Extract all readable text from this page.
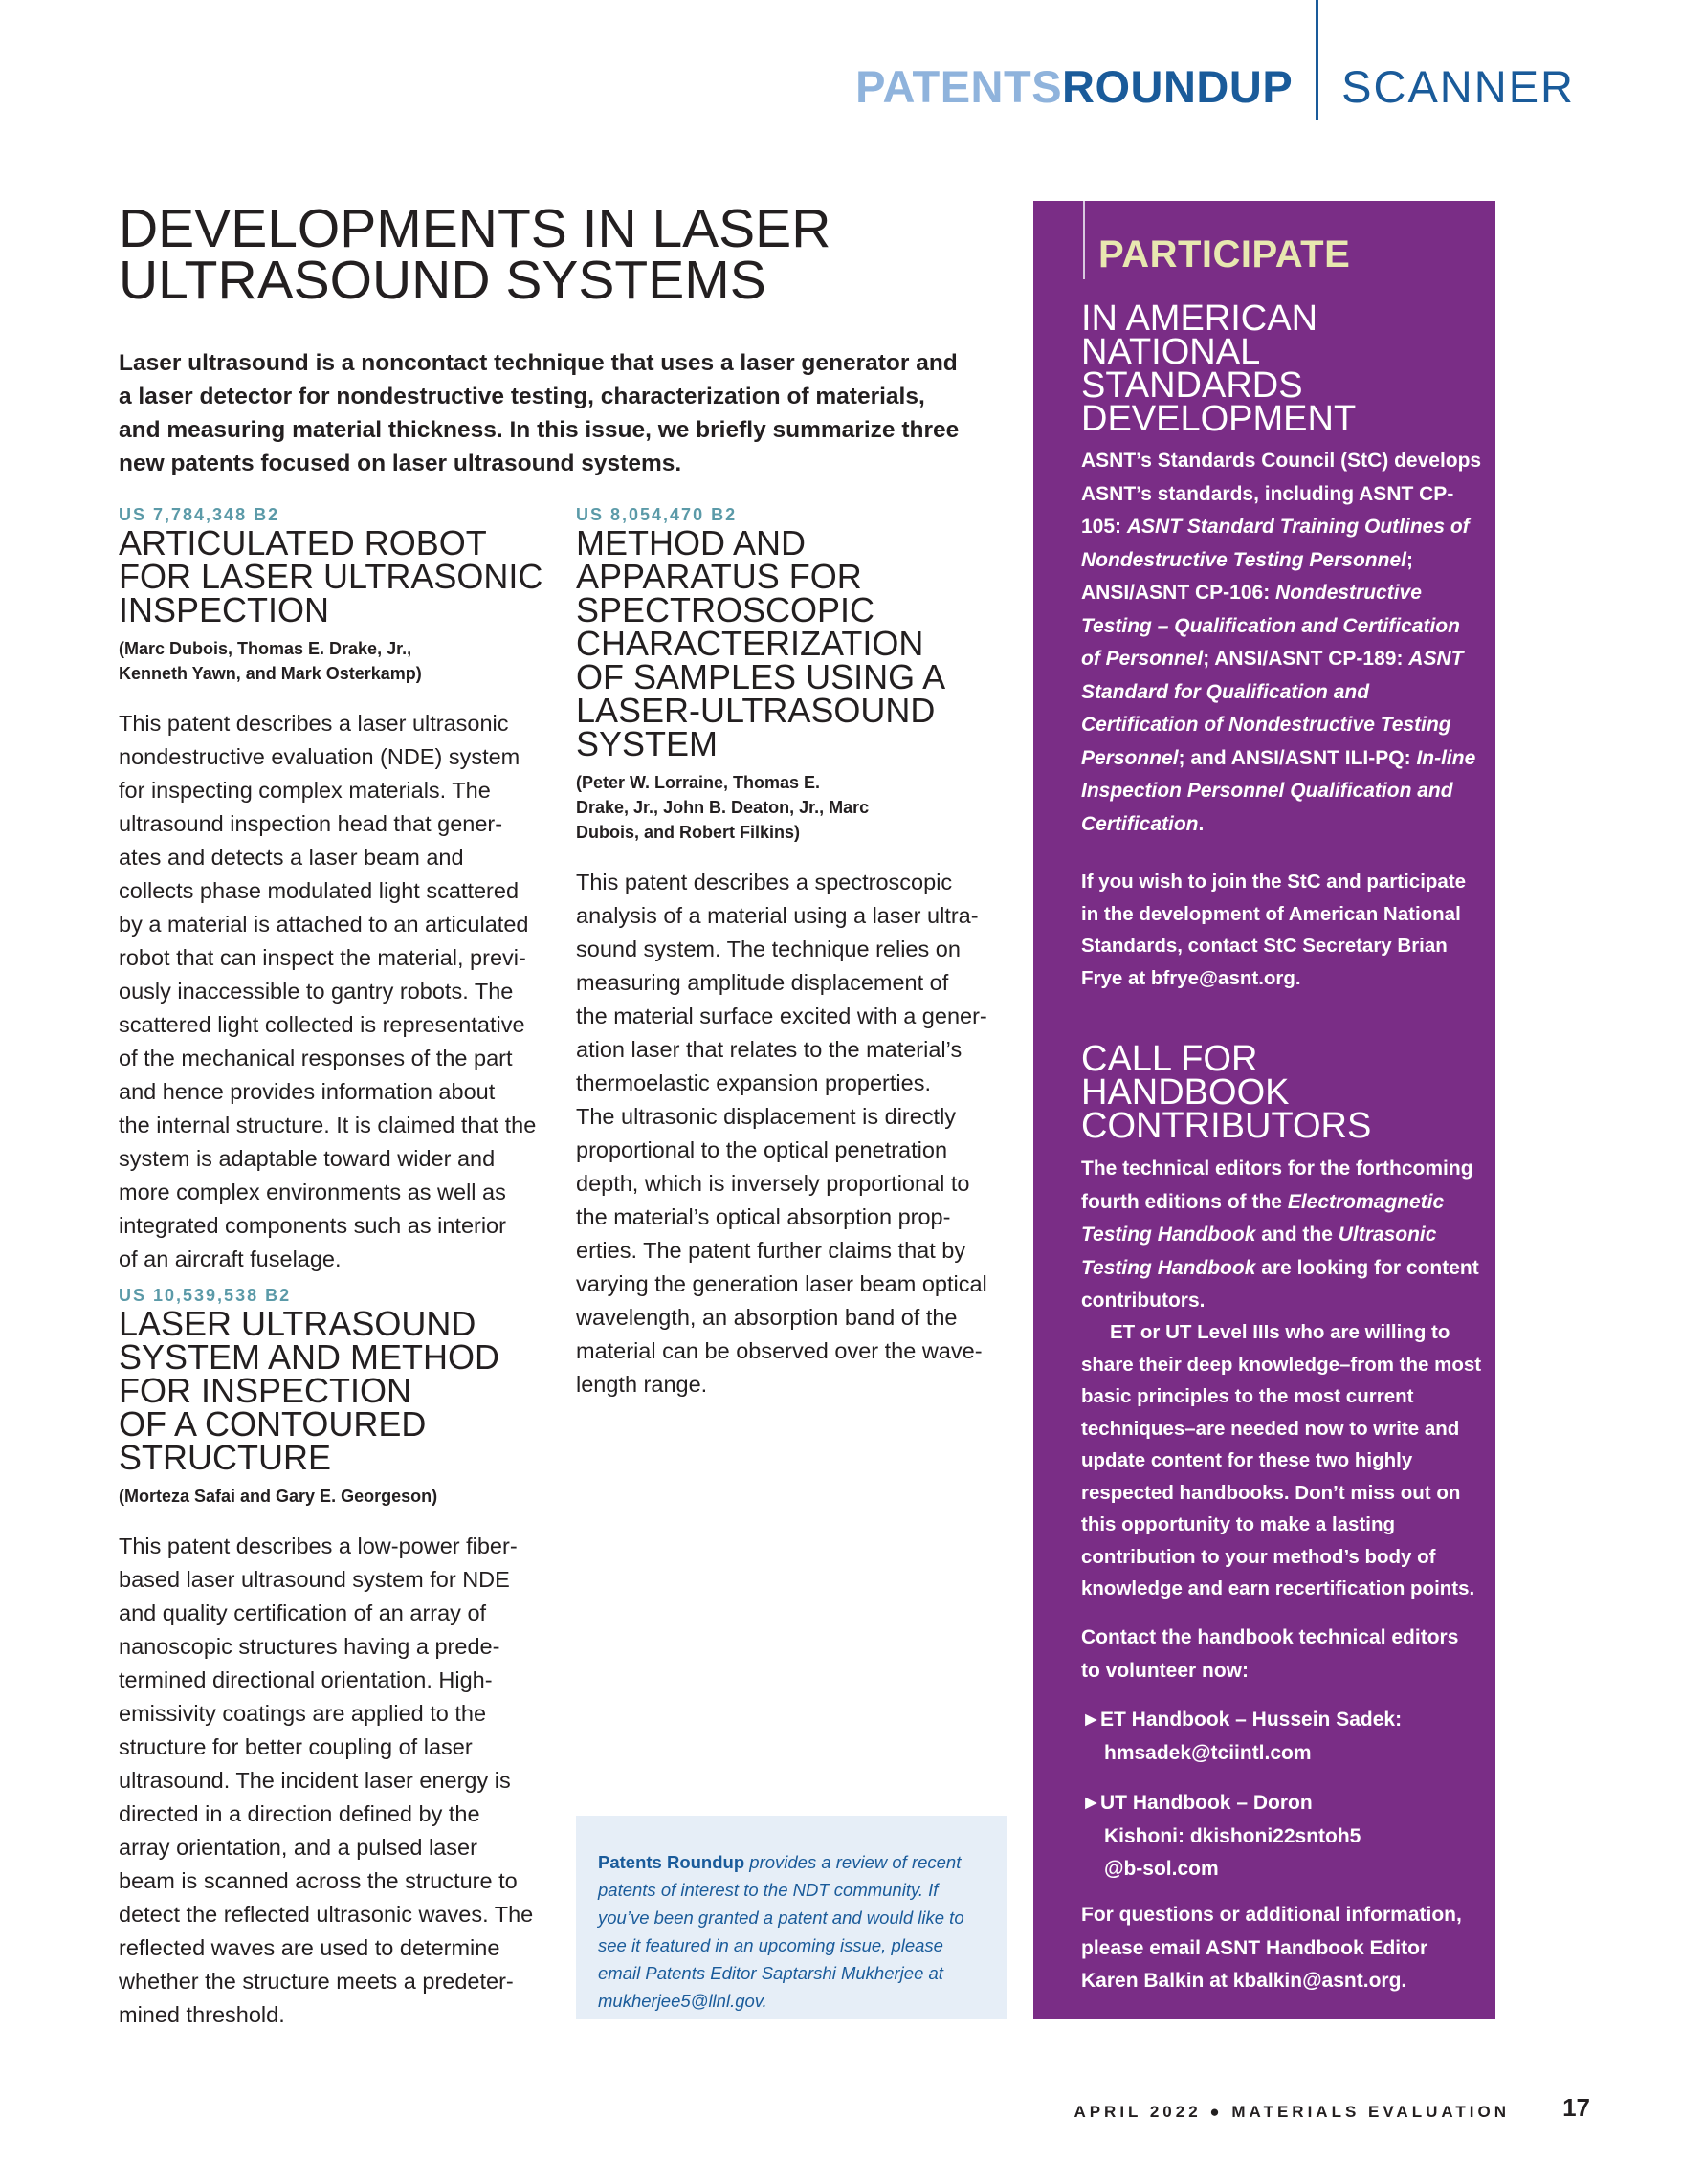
PATENTS ROUNDUP SCANNER
DEVELOPMENTS IN LASER
ULTRASOUND SYSTEMS

Laser ultrasound is a noncontact technique that uses a laser generator and a laser detector for nondestructive testing, characterization of materials, and measuring material thickness. In this issue, we briefly summarize three new patents focused on laser ultrasound systems.

US 7,784,348 B2
ARTICULATED ROBOT
FOR LASER ULTRASONIC
INSPECTION
(Marc Dubois, Thomas E. Drake, Jr.,
Kenneth Yawn, and Mark Osterkamp)
This patent describes a laser ultrasonic
nondestructive evaluation (NDE) system
for inspecting complex materials. The
ultrasound inspection head that gener-
ates and detects a laser beam and
collects phase modulated light scattered
by a material is attached to an articulated
robot that can inspect the material, previ-
ously inaccessible to gantry robots. The
scattered light collected is representative
of the mechanical responses of the part
and hence provides information about
the internal structure. It is claimed that the
system is adaptable toward wider and
more complex environments as well as
integrated components such as interior
of an aircraft fuselage.
US 10,539,538 B2
LASER ULTRASOUND
SYSTEM AND METHOD
FOR INSPECTION
OF A CONTOURED
STRUCTURE
(Morteza Safai and Gary E. Georgeson)
This patent describes a low-power fiber-
based laser ultrasound system for NDE
and quality certification of an array of
nanoscopic structures having a prede-
termined directional orientation. High-
emissivity coatings are applied to the
structure for better coupling of laser
ultrasound. The incident laser energy is
directed in a direction defined by the
array orientation, and a pulsed laser
beam is scanned across the structure to
detect the reflected ultrasonic waves. The
reflected waves are used to determine
whether the structure meets a predeter-
mined threshold.
US 8,054,470 B2
METHOD AND
APPARATUS FOR
SPECTROSCOPIC
CHARACTERIZATION
OF SAMPLES USING A
LASER-ULTRASOUND
SYSTEM
(Peter W. Lorraine, Thomas E.
Drake, Jr., John B. Deaton, Jr., Marc
Dubois, and Robert Filkins)
This patent describes a spectroscopic
analysis of a material using a laser ultra-
sound system. The technique relies on
measuring amplitude displacement of
the material surface excited with a gener-
ation laser that relates to the material’s
thermoelastic expansion properties.
The ultrasonic displacement is directly
proportional to the optical penetration
depth, which is inversely proportional to
the material’s optical absorption prop-
erties. The patent further claims that by
varying the generation laser beam optical
wavelength, an absorption band of the
material can be observed over the wave-
length range.
Patents Roundup provides a review of recent patents of interest to the NDT community. If you’ve been granted a patent and would like to see it featured in an upcoming issue, please email Patents Editor Saptarshi Mukherjee at mukherjee5@llnl.gov.
PARTICIPATE
IN AMERICAN
NATIONAL
STANDARDS
DEVELOPMENT
ASNT’s Standards Council (StC) develops ASNT’s standards, including ASNT CP-105: ASNT Standard Training Outlines of Nondestructive Testing Personnel; ANSI/ASNT CP-106: Nondestructive Testing – Qualification and Certification of Personnel; ANSI/ASNT CP-189: ASNT Standard for Qualification and Certification of Nondestructive Testing Personnel; and ANSI/ASNT ILI-PQ: In-line Inspection Personnel Qualification and Certification.
If you wish to join the StC and participate in the development of American National Standards, contact StC Secretary Brian Frye at bfrye@asnt.org.
CALL FOR
HANDBOOK
CONTRIBUTORS
The technical editors for the forthcoming fourth editions of the Electromagnetic Testing Handbook and the Ultrasonic Testing Handbook are looking for content contributors.
ET or UT Level IIIs who are willing to share their deep knowledge–from the most basic principles to the most current techniques–are needed now to write and update content for these two highly respected handbooks. Don’t miss out on this opportunity to make a lasting contribution to your method’s body of knowledge and earn recertification points.
Contact the handbook technical editors to volunteer now:
►ET Handbook – Hussein Sadek:
hmsadek@tciintl.com
►UT Handbook – Doron
Kishoni: dkishoni22sntoh5
@b-sol.com
For questions or additional information, please email ASNT Handbook Editor Karen Balkin at kbalkin@asnt.org.
APRIL 2022 ● MATERIALS EVALUATION 17
